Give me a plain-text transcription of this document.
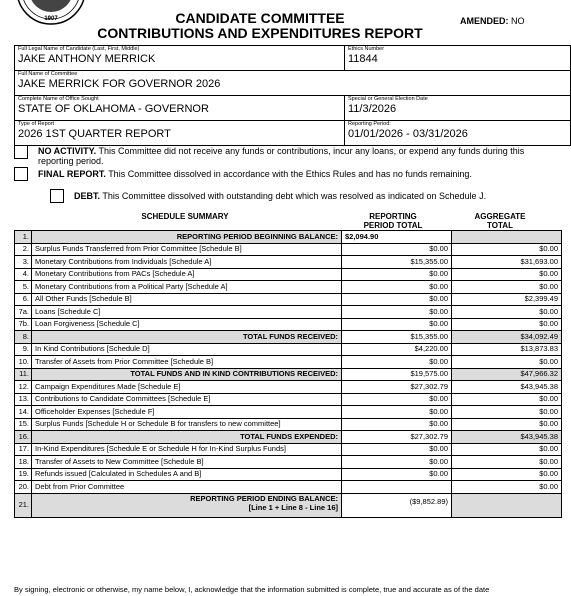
1907	CANDIDATE COMMITTEE
CONTRIBUTIONS AND EXPENDITURES REPORT
AMENDED: NO
Full Legal Name of Candidate (Last, First, Middle)
JAKE ANTHONY MERRICK	Ethics Number
11844

Full Name of Committee
JAKE MERRICK FOR GOVERNOR 2026	

Complete Name of Office Sought
STATE OF OKLAHOMA - GOVERNOR	Special or General Election Date
11/3/2026

Type of Report
2026 1ST QUARTER REPORT	Reporting Period:
01/01/2026 - 03/31/2026
NO ACTIVITY. This Committee did not receive any funds or contributions, incur any loans, or expend any funds during this
reporting period.
FINAL REPORT. This Committee dissolved in accordance with the Ethics Rules and has no funds remaining.
DEBT. This Committee dissolved with outstanding debt which was resolved as indicated on Schedule J.
SCHEDULE SUMMARY	REPORTING
PERIOD TOTAL
AGGREGATE
TOTAL
1.	REPORTING PERIOD BEGINNING BALANCE:	$2,094.90	
2.	Surplus Funds Transferred from Prior Committee [Schedule B]	$0.00	$0.00
3.	Monetary Contributions from Individuals [Schedule A]	$15,355.00	$31,693.00
4.	Monetary Contributions from PACs [Schedule A]	$0.00	$0.00
5.	Monetary Contributions from a Political Party [Schedule A]	$0.00	$0.00
6.	All Other Funds [Schedule B]	$0.00	$2,399.49
7a.	Loans [Schedule C]	$0.00	$0.00
7b.	Loan Forgiveness [Schedule C]	$0.00	$0.00
8.	TOTAL FUNDS RECEIVED:	$15,355.00	$34,092.49
9.	In Kind Contributions [Schedule D]	$4,220.00	$13,873.83
10.	Transfer of Assets from Prior Committee [Schedule B]	$0.00	$0.00
11.	TOTAL FUNDS AND IN KIND CONTRIBUTIONS RECEIVED:	$19,575.00	$47,966.32
12.	Campaign Expenditures Made [Schedule E]	$27,302.79	$43,945.38
13.	Contributions to Candidate Committees [Schedule E]	$0.00	$0.00
14.	Officeholder Expenses [Schedule F]	$0.00	$0.00
15.	Surplus Funds [Schedule H or Schedule B for transfers to new committee]	$0.00	$0.00
16.	TOTAL FUNDS EXPENDED:	$27,302.79	$43,945.38
17.	In-Kind Expenditures [Schedule E or Schedule H for In-Kind Surplus Funds]	$0.00	$0.00
18.	Transfer of Assets to New Committee [Schedule B]	$0.00	$0.00
19.	Refunds issued [Calculated in Schedules A and B]	$0.00	$0.00
20.	Debt from Prior Committee		$0.00
21.	REPORTING PERIOD ENDING BALANCE:
[Line 1 + Line 8 - Line 16]	($9,852.89)	
By signing, electronic or otherwise, my name below, I, acknowledge that the information submitted is complete, true and accurate as of the date
